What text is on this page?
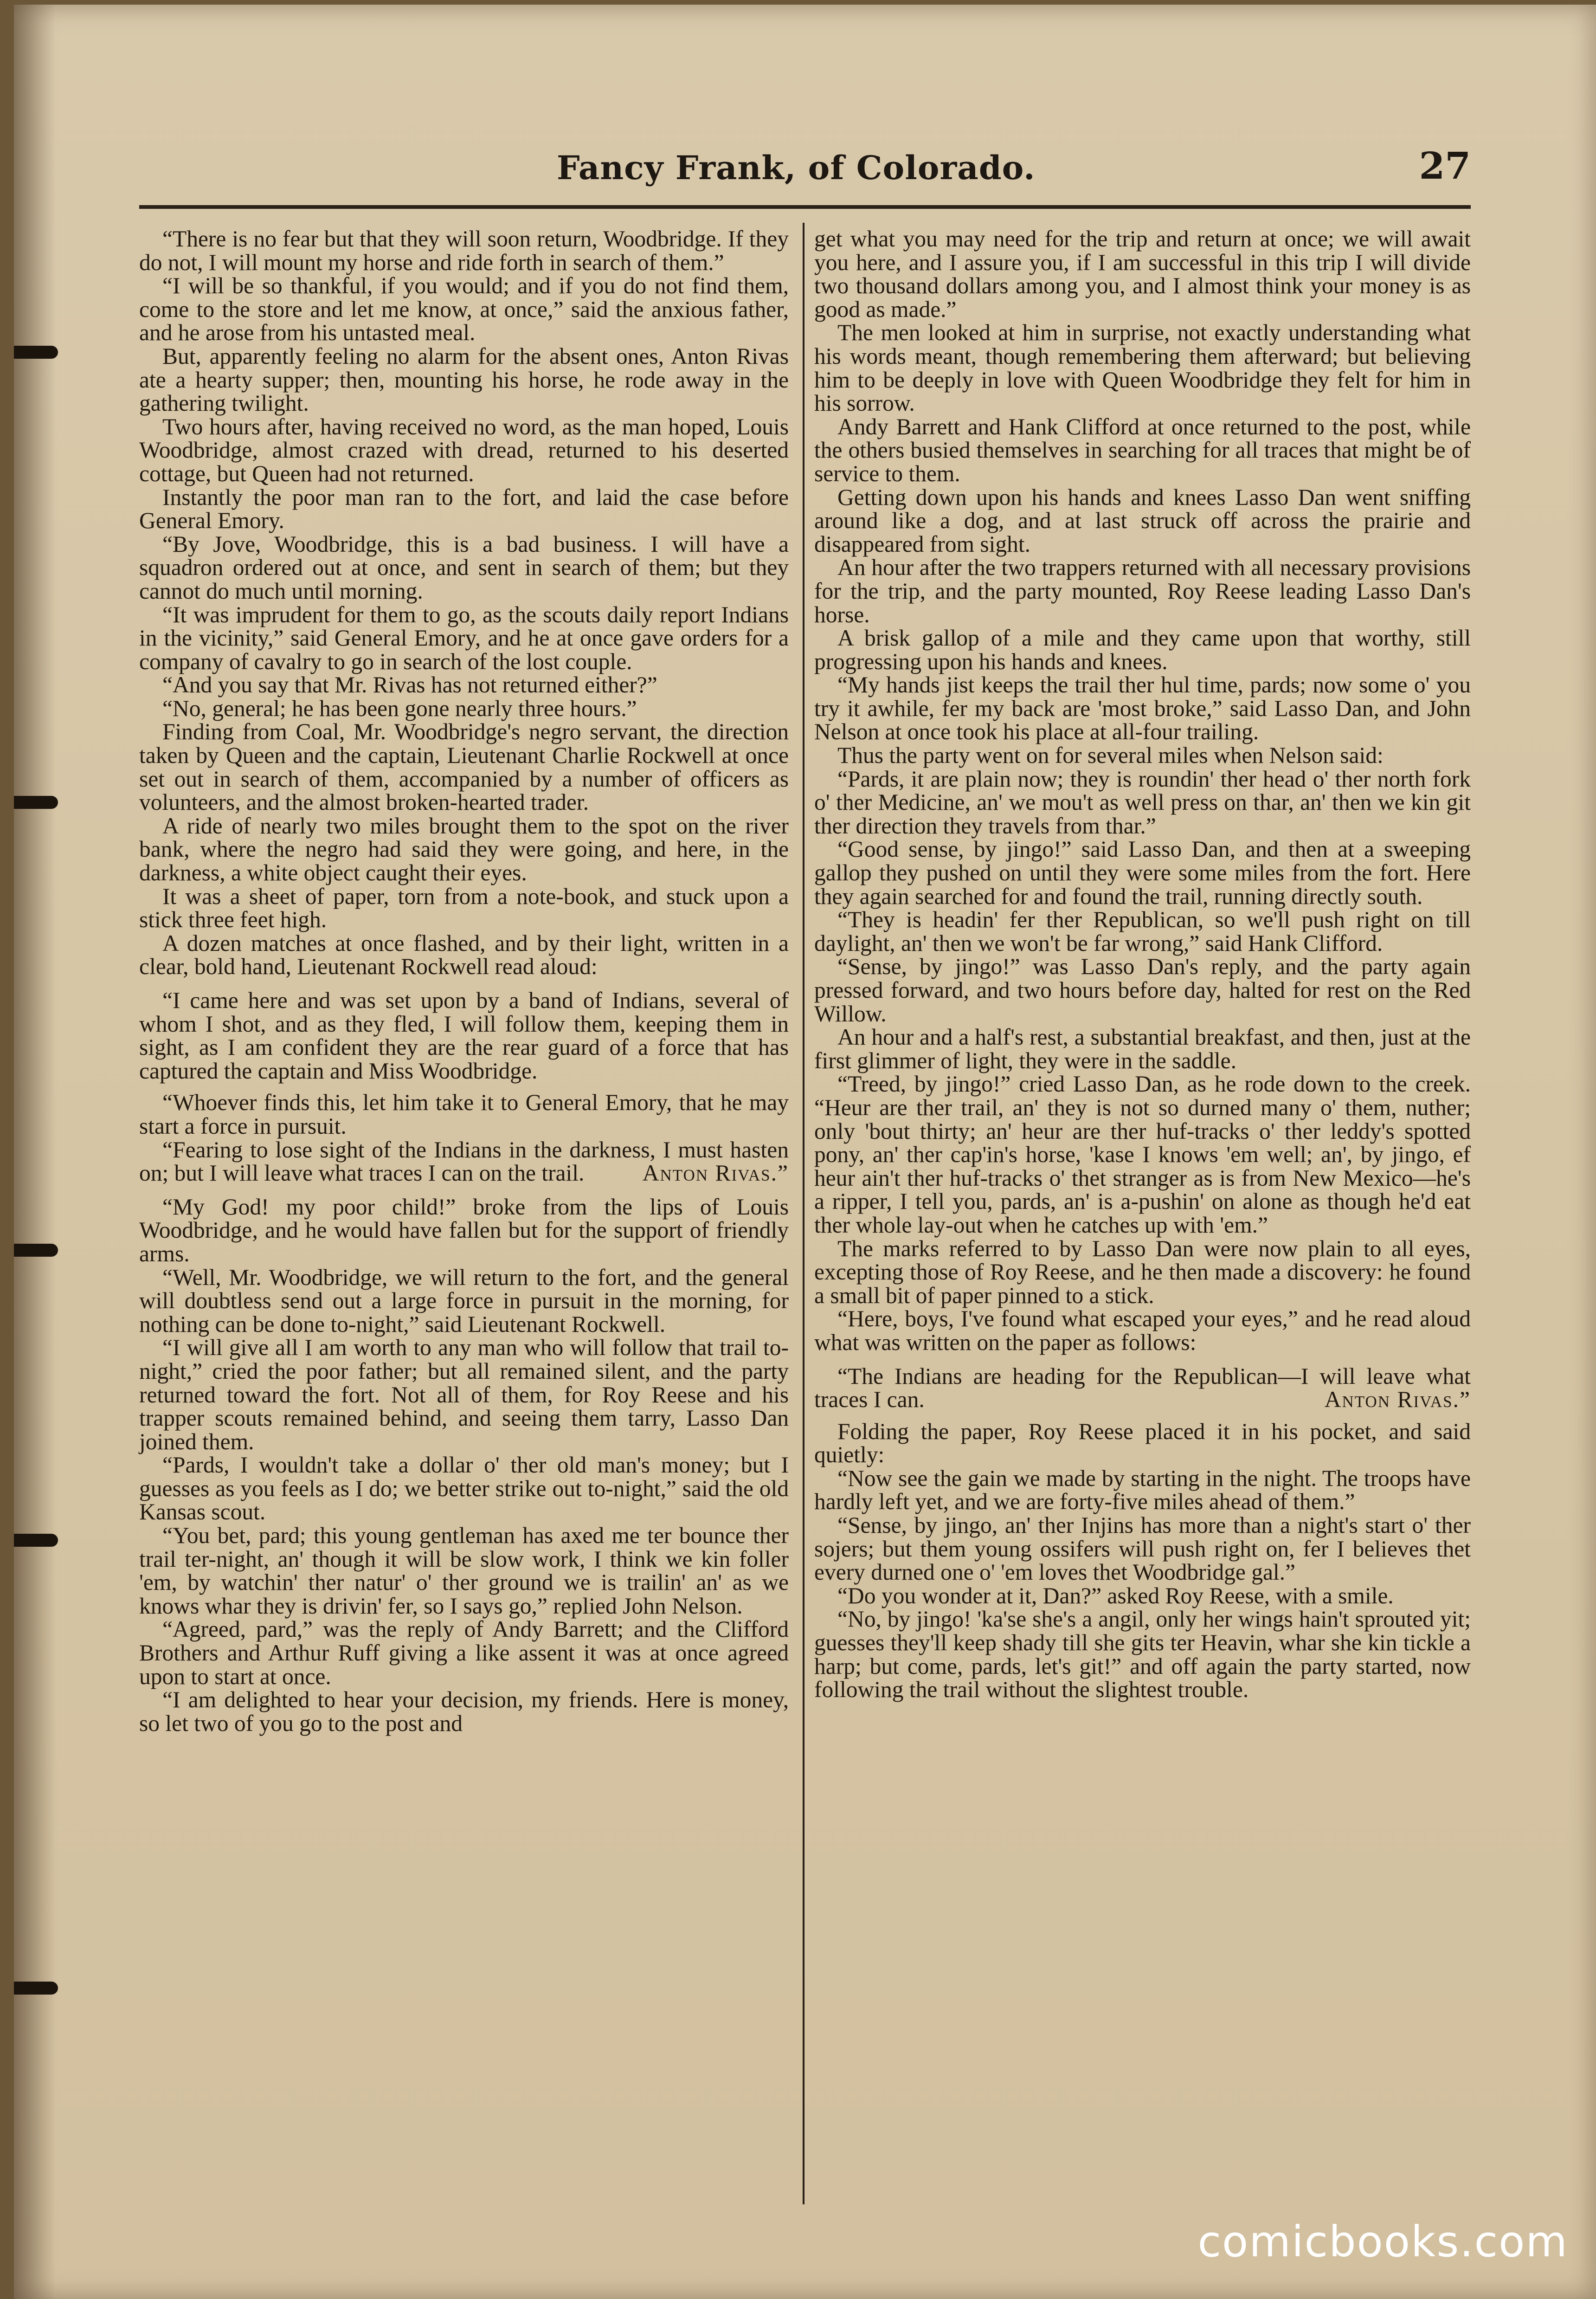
Fancy Frank, of Colorado.	27

“There is no fear but that they will soon return, Woodbridge. If they do not, I will mount my horse and ride forth in search of them.”

“I will be so thankful, if you would; and if you do not find them, come to the store and let me know, at once,” said the anxious father, and he arose from his untasted meal.

But, apparently feeling no alarm for the absent ones, Anton Rivas ate a hearty supper; then, mounting his horse, he rode away in the gathering twilight.

Two hours after, having received no word, as the man hoped, Louis Woodbridge, almost crazed with dread, returned to his deserted cottage, but Queen had not returned.

Instantly the poor man ran to the fort, and laid the case before General Emory.

“By Jove, Woodbridge, this is a bad business. I will have a squadron ordered out at once, and sent in search of them; but they cannot do much until morning.

“It was imprudent for them to go, as the scouts daily report Indians in the vicinity,” said General Emory, and he at once gave orders for a company of cavalry to go in search of the lost couple.

“And you say that Mr. Rivas has not returned either?”

“No, general; he has been gone nearly three hours.”

Finding from Coal, Mr. Woodbridge's negro servant, the direction taken by Queen and the captain, Lieutenant Charlie Rockwell at once set out in search of them, accompanied by a number of officers as volunteers, and the almost broken-hearted trader.

A ride of nearly two miles brought them to the spot on the river bank, where the negro had said they were going, and here, in the darkness, a white object caught their eyes.

It was a sheet of paper, torn from a note-book, and stuck upon a stick three feet high.

A dozen matches at once flashed, and by their light, written in a clear, bold hand, Lieutenant Rockwell read aloud:

“I came here and was set upon by a band of Indians, several of whom I shot, and as they fled, I will follow them, keeping them in sight, as I am confident they are the rear guard of a force that has captured the captain and Miss Woodbridge.

“Whoever finds this, let him take it to General Emory, that he may start a force in pursuit.

“Fearing to lose sight of the Indians in the darkness, I must hasten on; but I will leave what traces I can on the trail.	Anton Rivas.”

“My God! my poor child!” broke from the lips of Louis Woodbridge, and he would have fallen but for the support of friendly arms.

“Well, Mr. Woodbridge, we will return to the fort, and the general will doubtless send out a large force in pursuit in the morning, for nothing can be done to-night,” said Lieutenant Rockwell.

“I will give all I am worth to any man who will follow that trail to-night,” cried the poor father; but all remained silent, and the party returned toward the fort. Not all of them, for Roy Reese and his trapper scouts remained behind, and seeing them tarry, Lasso Dan joined them.

“Pards, I wouldn't take a dollar o' ther old man's money; but I guesses as you feels as I do; we better strike out to-night,” said the old Kansas scout.

“You bet, pard; this young gentleman has axed me ter bounce ther trail ter-night, an' though it will be slow work, I think we kin foller 'em, by watchin' ther natur' o' ther ground we is trailin' an' as we knows whar they is drivin' fer, so I says go,” replied John Nelson.

“Agreed, pard,” was the reply of Andy Barrett; and the Clifford Brothers and Arthur Ruff giving a like assent it was at once agreed upon to start at once.

“I am delighted to hear your decision, my friends. Here is money, so let two of you go to the post and

get what you may need for the trip and return at once; we will await you here, and I assure you, if I am successful in this trip I will divide two thousand dollars among you, and I almost think your money is as good as made.”

The men looked at him in surprise, not exactly understanding what his words meant, though remembering them afterward; but believing him to be deeply in love with Queen Woodbridge they felt for him in his sorrow.

Andy Barrett and Hank Clifford at once returned to the post, while the others busied themselves in searching for all traces that might be of service to them.

Getting down upon his hands and knees Lasso Dan went sniffing around like a dog, and at last struck off across the prairie and disappeared from sight.

An hour after the two trappers returned with all necessary provisions for the trip, and the party mounted, Roy Reese leading Lasso Dan's horse.

A brisk gallop of a mile and they came upon that worthy, still progressing upon his hands and knees.

“My hands jist keeps the trail ther hul time, pards; now some o' you try it awhile, fer my back are 'most broke,” said Lasso Dan, and John Nelson at once took his place at all-four trailing.

Thus the party went on for several miles when Nelson said:

“Pards, it are plain now; they is roundin' ther head o' ther north fork o' ther Medicine, an' we mou't as well press on thar, an' then we kin git ther direction they travels from thar.”

“Good sense, by jingo!” said Lasso Dan, and then at a sweeping gallop they pushed on until they were some miles from the fort. Here they again searched for and found the trail, running directly south.

“They is headin' fer ther Republican, so we'll push right on till daylight, an' then we won't be far wrong,” said Hank Clifford.

“Sense, by jingo!” was Lasso Dan's reply, and the party again pressed forward, and two hours before day, halted for rest on the Red Willow.

An hour and a half's rest, a substantial breakfast, and then, just at the first glimmer of light, they were in the saddle.

“Treed, by jingo!” cried Lasso Dan, as he rode down to the creek. “Heur are ther trail, an' they is not so durned many o' them, nuther; only 'bout thirty; an' heur are ther huf-tracks o' ther leddy's spotted pony, an' ther cap'in's horse, 'kase I knows 'em well; an', by jingo, ef heur ain't ther huf-tracks o' thet stranger as is from New Mexico—he's a ripper, I tell you, pards, an' is a-pushin' on alone as though he'd eat ther whole lay-out when he catches up with 'em.”

The marks referred to by Lasso Dan were now plain to all eyes, excepting those of Roy Reese, and he then made a discovery: he found a small bit of paper pinned to a stick.

“Here, boys, I've found what escaped your eyes,” and he read aloud what was written on the paper as follows:

“The Indians are heading for the Republican—I will leave what traces I can.	Anton Rivas.”

Folding the paper, Roy Reese placed it in his pocket, and said quietly:

“Now see the gain we made by starting in the night. The troops have hardly left yet, and we are forty-five miles ahead of them.”

“Sense, by jingo, an' ther Injins has more than a night's start o' ther sojers; but them young ossifers will push right on, fer I believes thet every durned one o' 'em loves thet Woodbridge gal.”

“Do you wonder at it, Dan?” asked Roy Reese, with a smile.

“No, by jingo! 'ka'se she's a angil, only her wings hain't sprouted yit; guesses they'll keep shady till she gits ter Heavin, whar she kin tickle a harp; but come, pards, let's git!” and off again the party started, now following the trail without the slightest trouble.

comicbooks.com
